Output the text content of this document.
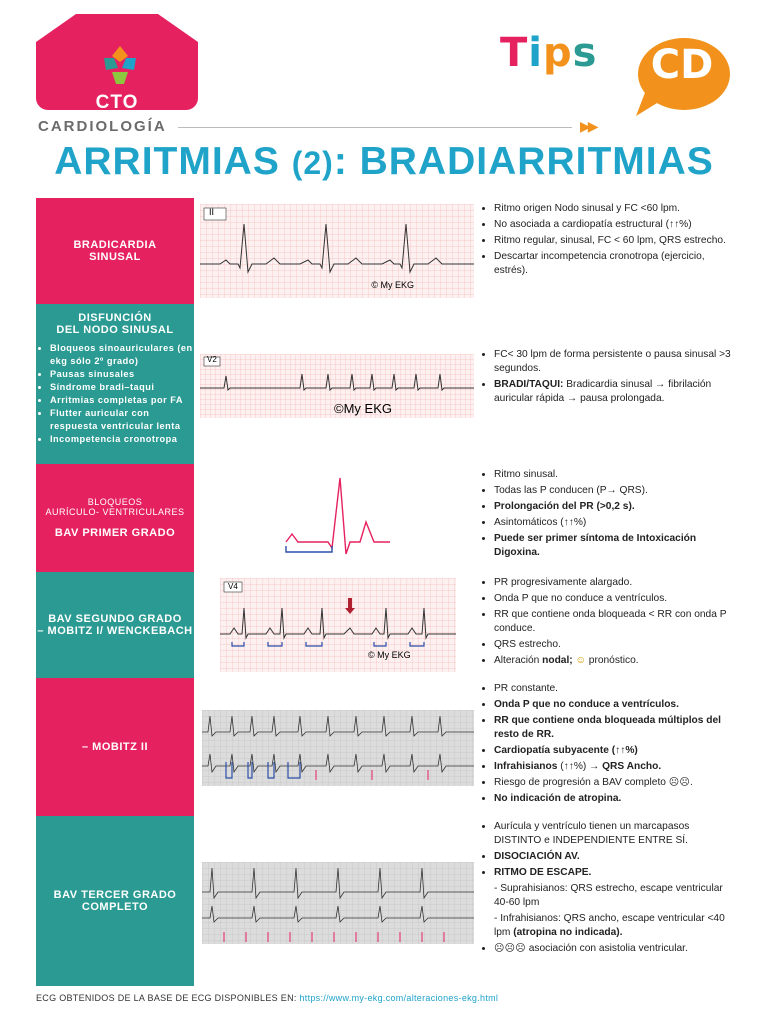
CTO
Tips	CD
CARDIOLOGÍA	▶▶
ARRITMIAS (2): BRADIARRITMIAS
BRADICARDIA
SINUSAL
II
© My EKG
• Ritmo origen Nodo sinusal y FC <60 lpm.
• No asociada a cardiopatía estructural (↑↑%)
• Ritmo regular, sinusal, FC < 60 lpm, QRS estrecho.
• Descartar incompetencia cronotropa (ejercicio, estrés).
DISFUNCIÓN
DEL NODO SINUSAL
• Bloqueos sinoauriculares (en ekg sólo 2º grado)
• Pausas sinusales
• Síndrome bradi–taqui
• Arritmias completas por FA
• Flutter auricular con respuesta ventricular lenta
• Incompetencia cronotropa
V2
©My EKG
• FC< 30 lpm de forma persistente o pausa sinusal >3 segundos.
• BRADI/TAQUI: Bradicardia sinusal → fibrilación auricular rápida → pausa prolongada.
BLOQUEOS
AURÍCULO- VENTRICULARES
BAV PRIMER GRADO
• Ritmo sinusal.
• Todas las P conducen (P→ QRS).
• Prolongación del PR (>0,2 s).
• Asintomáticos (↑↑%)
• Puede ser primer síntoma de Intoxicación Digoxina.
BAV SEGUNDO GRADO
– MOBITZ I/ WENCKEBACH
V4
© My EKG
• PR progresivamente alargado.
• Onda P que no conduce a ventrículos.
• RR que contiene onda bloqueada < RR con onda P conduce.
• QRS estrecho.
• Alteración nodal; ☺ pronóstico.
– MOBITZ II
• PR constante.
• Onda P que no conduce a ventrículos.
• RR que contiene onda bloqueada múltiplos del resto de RR.
• Cardiopatía subyacente (↑↑%)
• Infrahisianos (↑↑%) → QRS Ancho.
• Riesgo de progresión a BAV completo ☹☹.
• No indicación de atropina.
BAV TERCER GRADO
COMPLETO
• Aurícula y ventrículo tienen un marcapasos DISTINTO e INDEPENDIENTE ENTRE SÍ.
• DISOCIACIÓN AV.
• RITMO DE ESCAPE.
- Suprahisianos: QRS estrecho, escape ventricular 40-60 lpm
- Infrahisianos: QRS ancho, escape ventricular <40 lpm (atropina no indicada).
• ☹☹☹ asociación con asistolia ventricular.
ECG OBTENIDOS DE LA BASE DE ECG DISPONIBLES EN: https://www.my-ekg.com/alteraciones-ekg.html
